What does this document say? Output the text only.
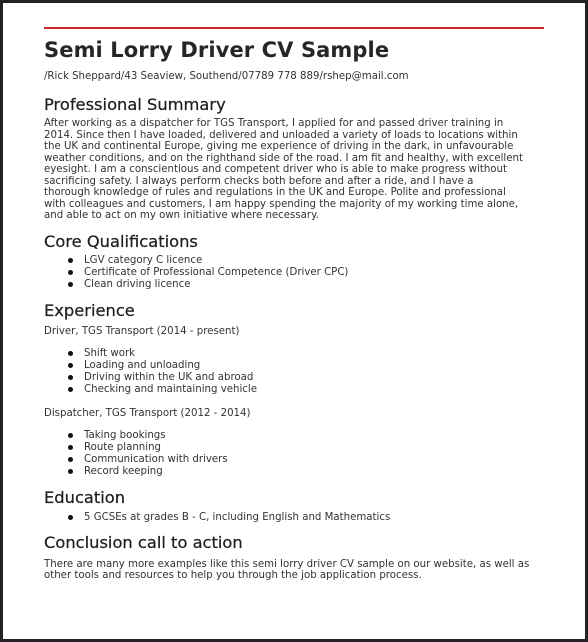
Semi Lorry Driver CV Sample
/Rick Sheppard/43 Seaview, Southend/07789 778 889/rshep@mail.com
Professional Summary

After working as a dispatcher for TGS Transport, I applied for and passed driver training in
2014. Since then I have loaded, delivered and unloaded a variety of loads to locations within
the UK and continental Europe, giving me experience of driving in the dark, in unfavourable
weather conditions, and on the righthand side of the road. I am fit and healthy, with excellent
eyesight. I am a conscientious and competent driver who is able to make progress without
sacrificing safety. I always perform checks both before and after a ride, and I have a
thorough knowledge of rules and regulations in the UK and Europe. Polite and professional
with colleagues and customers, I am happy spending the majority of my working time alone,
and able to act on my own initiative where necessary.

Core Qualifications
LGV category C licence
Certificate of Professional Competence (Driver CPC)
Clean driving licence
Experience
Driver, TGS Transport (2014 - present)
Shift work
Loading and unloading
Driving within the UK and abroad
Checking and maintaining vehicle
Dispatcher, TGS Transport (2012 - 2014)
Taking bookings
Route planning
Communication with drivers
Record keeping
Education
5 GCSEs at grades B - C, including English and Mathematics
Conclusion call to action

There are many more examples like this semi lorry driver CV sample on our website, as well as
other tools and resources to help you through the job application process.
